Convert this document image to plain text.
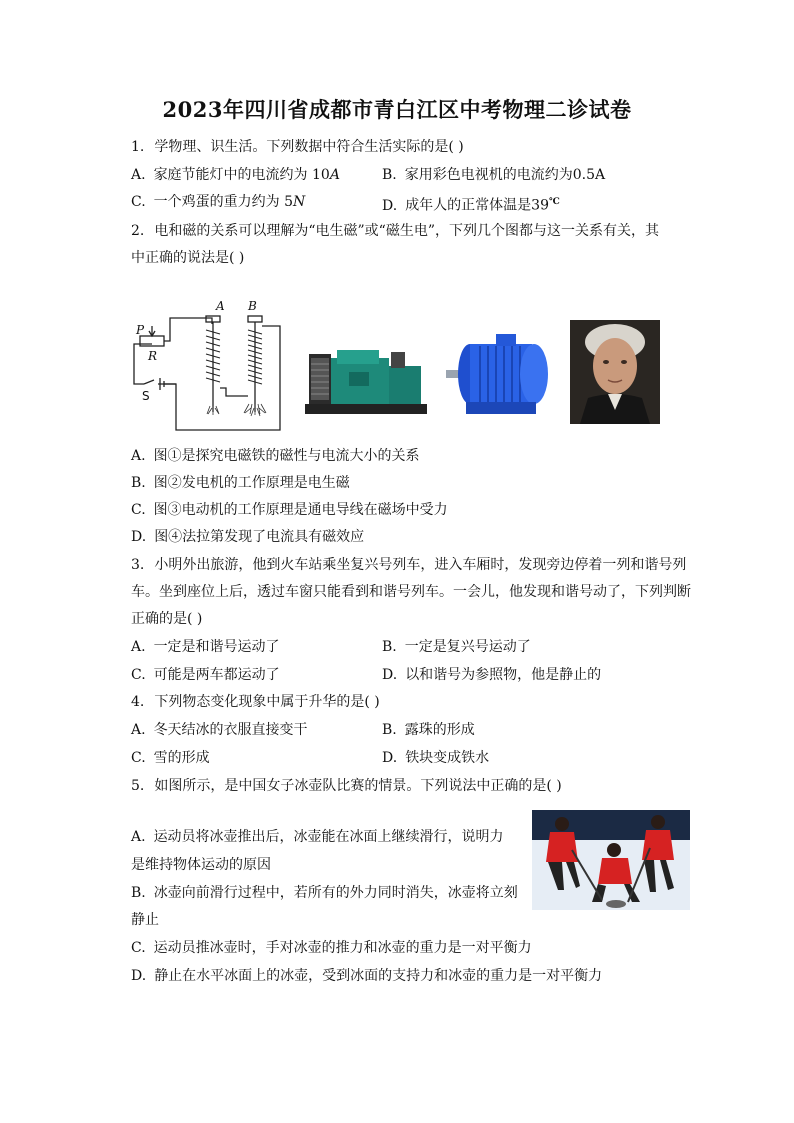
2023年四川省成都市青白江区中考物理二诊试卷
1. 学物理、识生活。下列数据中符合生活实际的是( )
A. 家庭节能灯中的电流约为 10A	B. 家用彩色电视机的电流约为0.5A
C. 一个鸡蛋的重力约为 5N	D. 成年人的正常体温是39℃
2. 电和磁的关系可以理解为“电生磁”或“磁生电”，下列几个图都与这一关系有关，其
中正确的说法是( )
A B
P
R
S
A. 图①是探究电磁铁的磁性与电流大小的关系
B. 图②发电机的工作原理是电生磁
C. 图③电动机的工作原理是通电导线在磁场中受力
D. 图④法拉第发现了电流具有磁效应
3. 小明外出旅游，他到火车站乘坐复兴号列车，进入车厢时，发现旁边停着一列和谐号列
车。坐到座位上后，透过车窗只能看到和谐号列车。一会儿，他发现和谐号动了，下列判断
正确的是( )
A. 一定是和谐号运动了	B. 一定是复兴号运动了
C. 可能是两车都运动了	D. 以和谐号为参照物，他是静止的
4. 下列物态变化现象中属于升华的是( )
A. 冬天结冰的衣服直接变干	B. 露珠的形成
C. 雪的形成	D. 铁块变成铁水
5. 如图所示，是中国女子冰壶队比赛的情景。下列说法中正确的是( )
A. 运动员将冰壶推出后，冰壶能在冰面上继续滑行，说明力
是维持物体运动的原因
B. 冰壶向前滑行过程中，若所有的外力同时消失，冰壶将立刻
静止
C. 运动员推冰壶时，手对冰壶的推力和冰壶的重力是一对平衡力
D. 静止在水平冰面上的冰壶，受到冰面的支持力和冰壶的重力是一对平衡力
